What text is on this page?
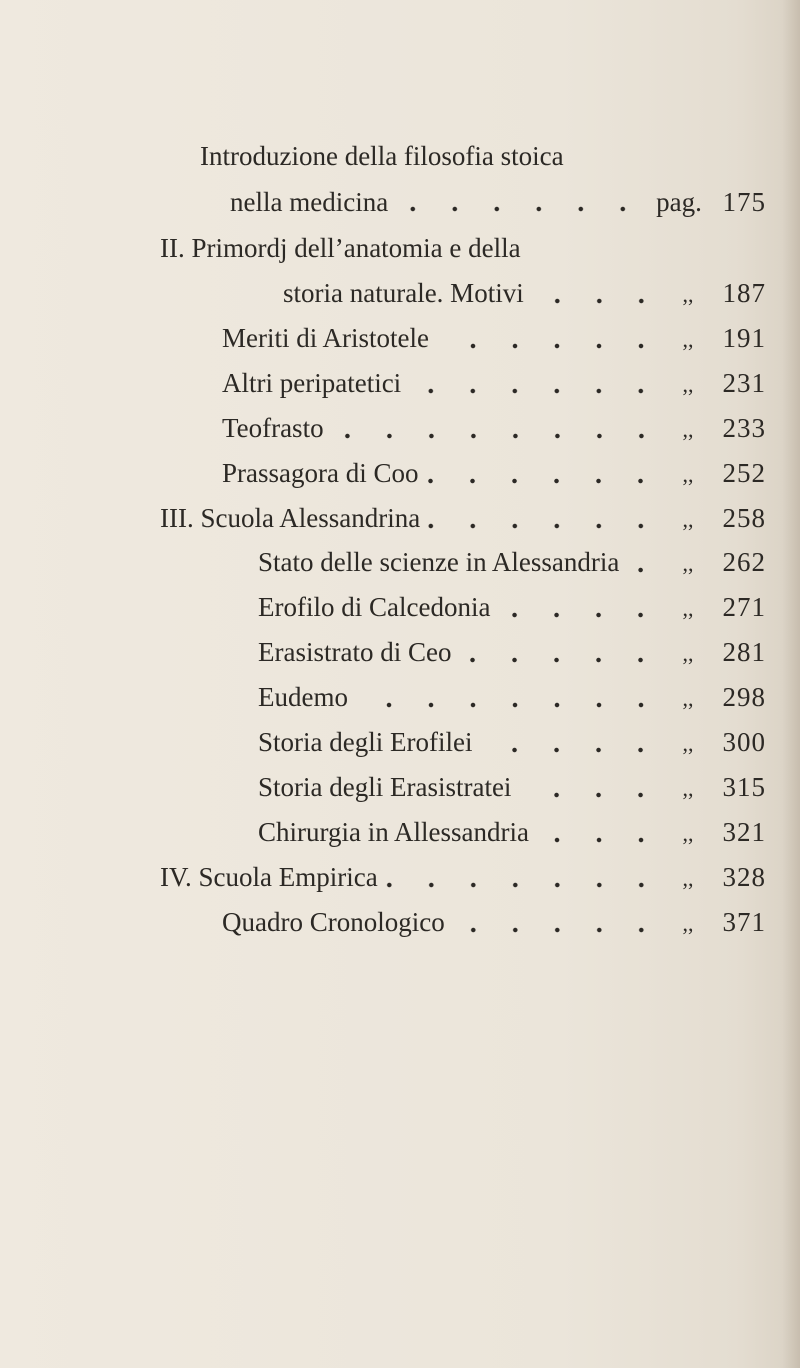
Introduzione della filosofia stoica
nella medicina	pag. 175
II. Primordj dell’anatomia e della
storia naturale. Motivi	,,	187
Meriti di Aristotele	,,	191
Altri peripatetici	,,	231
Teofrasto	,,	233
Prassagora di Coo	,,	252
III. Scuola Alessandrina	,,	258
Stato delle scienze in Alessandria	,,	262
Erofilo di Calcedonia	,,	271
Erasistrato di Ceo	,,	281
Eudemo	,,	298
Storia degli Erofilei	,,	300
Storia degli Erasistratei	,,	315
Chirurgia in Allessandria	,,	321
IV. Scuola Empirica	,,	328
Quadro Cronologico	,,	371
